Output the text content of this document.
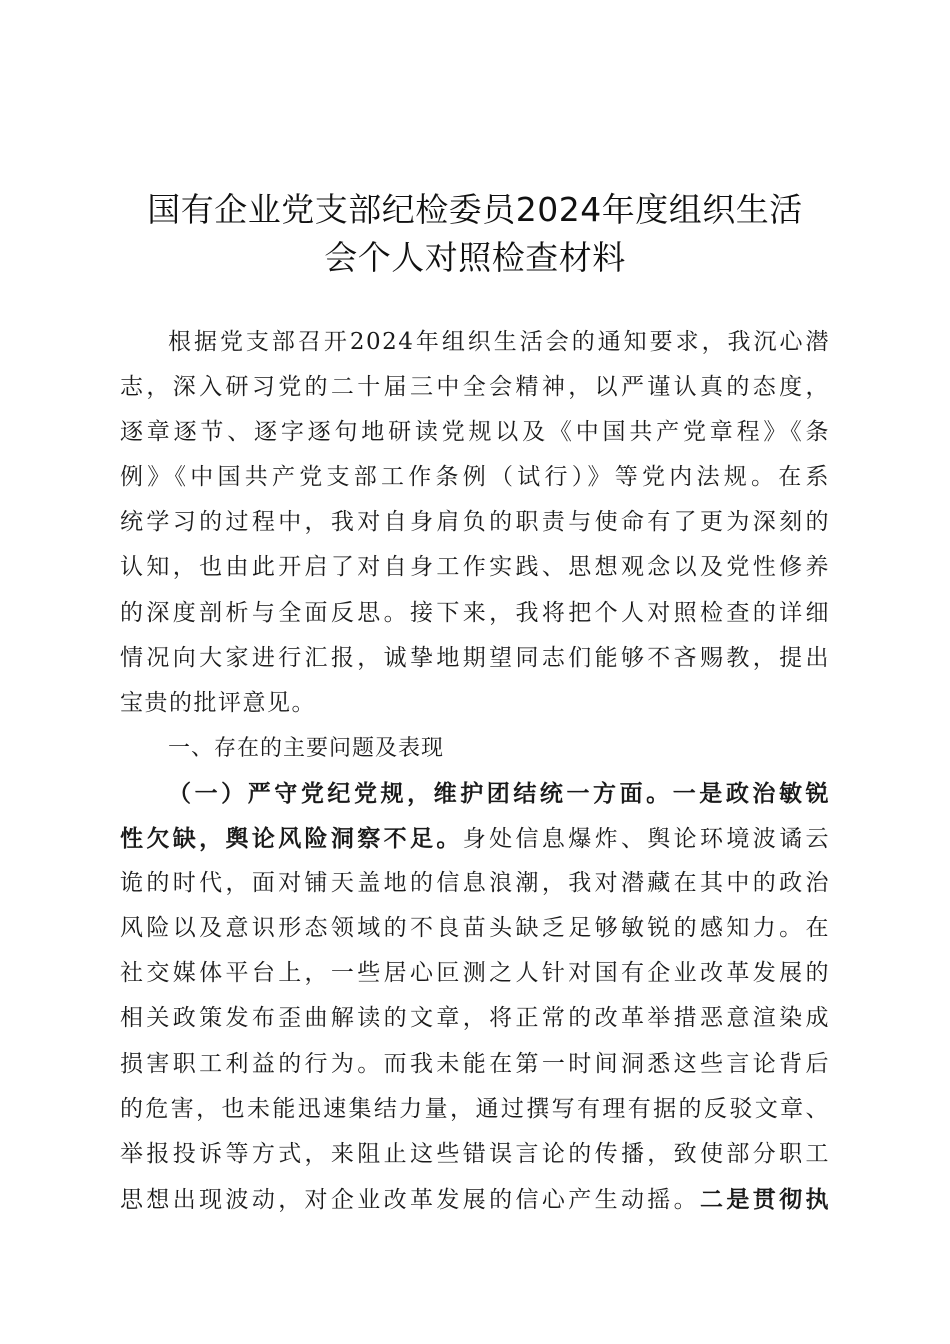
国有企业党支部纪检委员2024年度组织生活
会个人对照检查材料
根据党支部召开2024年组织生活会的通知要求，我沉心潜
志，深入研习党的二十届三中全会精神，以严谨认真的态度，
逐章逐节、逐字逐句地研读党规以及《中国共产党章程》《条
例》《中国共产党支部工作条例（试行）》等党内法规。在系
统学习的过程中，我对自身肩负的职责与使命有了更为深刻的
认知，也由此开启了对自身工作实践、思想观念以及党性修养
的深度剖析与全面反思。接下来，我将把个人对照检查的详细
情况向大家进行汇报，诚挚地期望同志们能够不吝赐教，提出
宝贵的批评意见。
一、存在的主要问题及表现
（一）严守党纪党规，维护团结统一方面。一是政治敏锐
性欠缺，舆论风险洞察不足。身处信息爆炸、舆论环境波谲云
诡的时代，面对铺天盖地的信息浪潮，我对潜藏在其中的政治
风险以及意识形态领域的不良苗头缺乏足够敏锐的感知力。在
社交媒体平台上，一些居心叵测之人针对国有企业改革发展的
相关政策发布歪曲解读的文章，将正常的改革举措恶意渲染成
损害职工利益的行为。而我未能在第一时间洞悉这些言论背后
的危害，也未能迅速集结力量，通过撰写有理有据的反驳文章、
举报投诉等方式，来阻止这些错误言论的传播，致使部分职工
思想出现波动，对企业改革发展的信心产生动摇。二是贯彻执
